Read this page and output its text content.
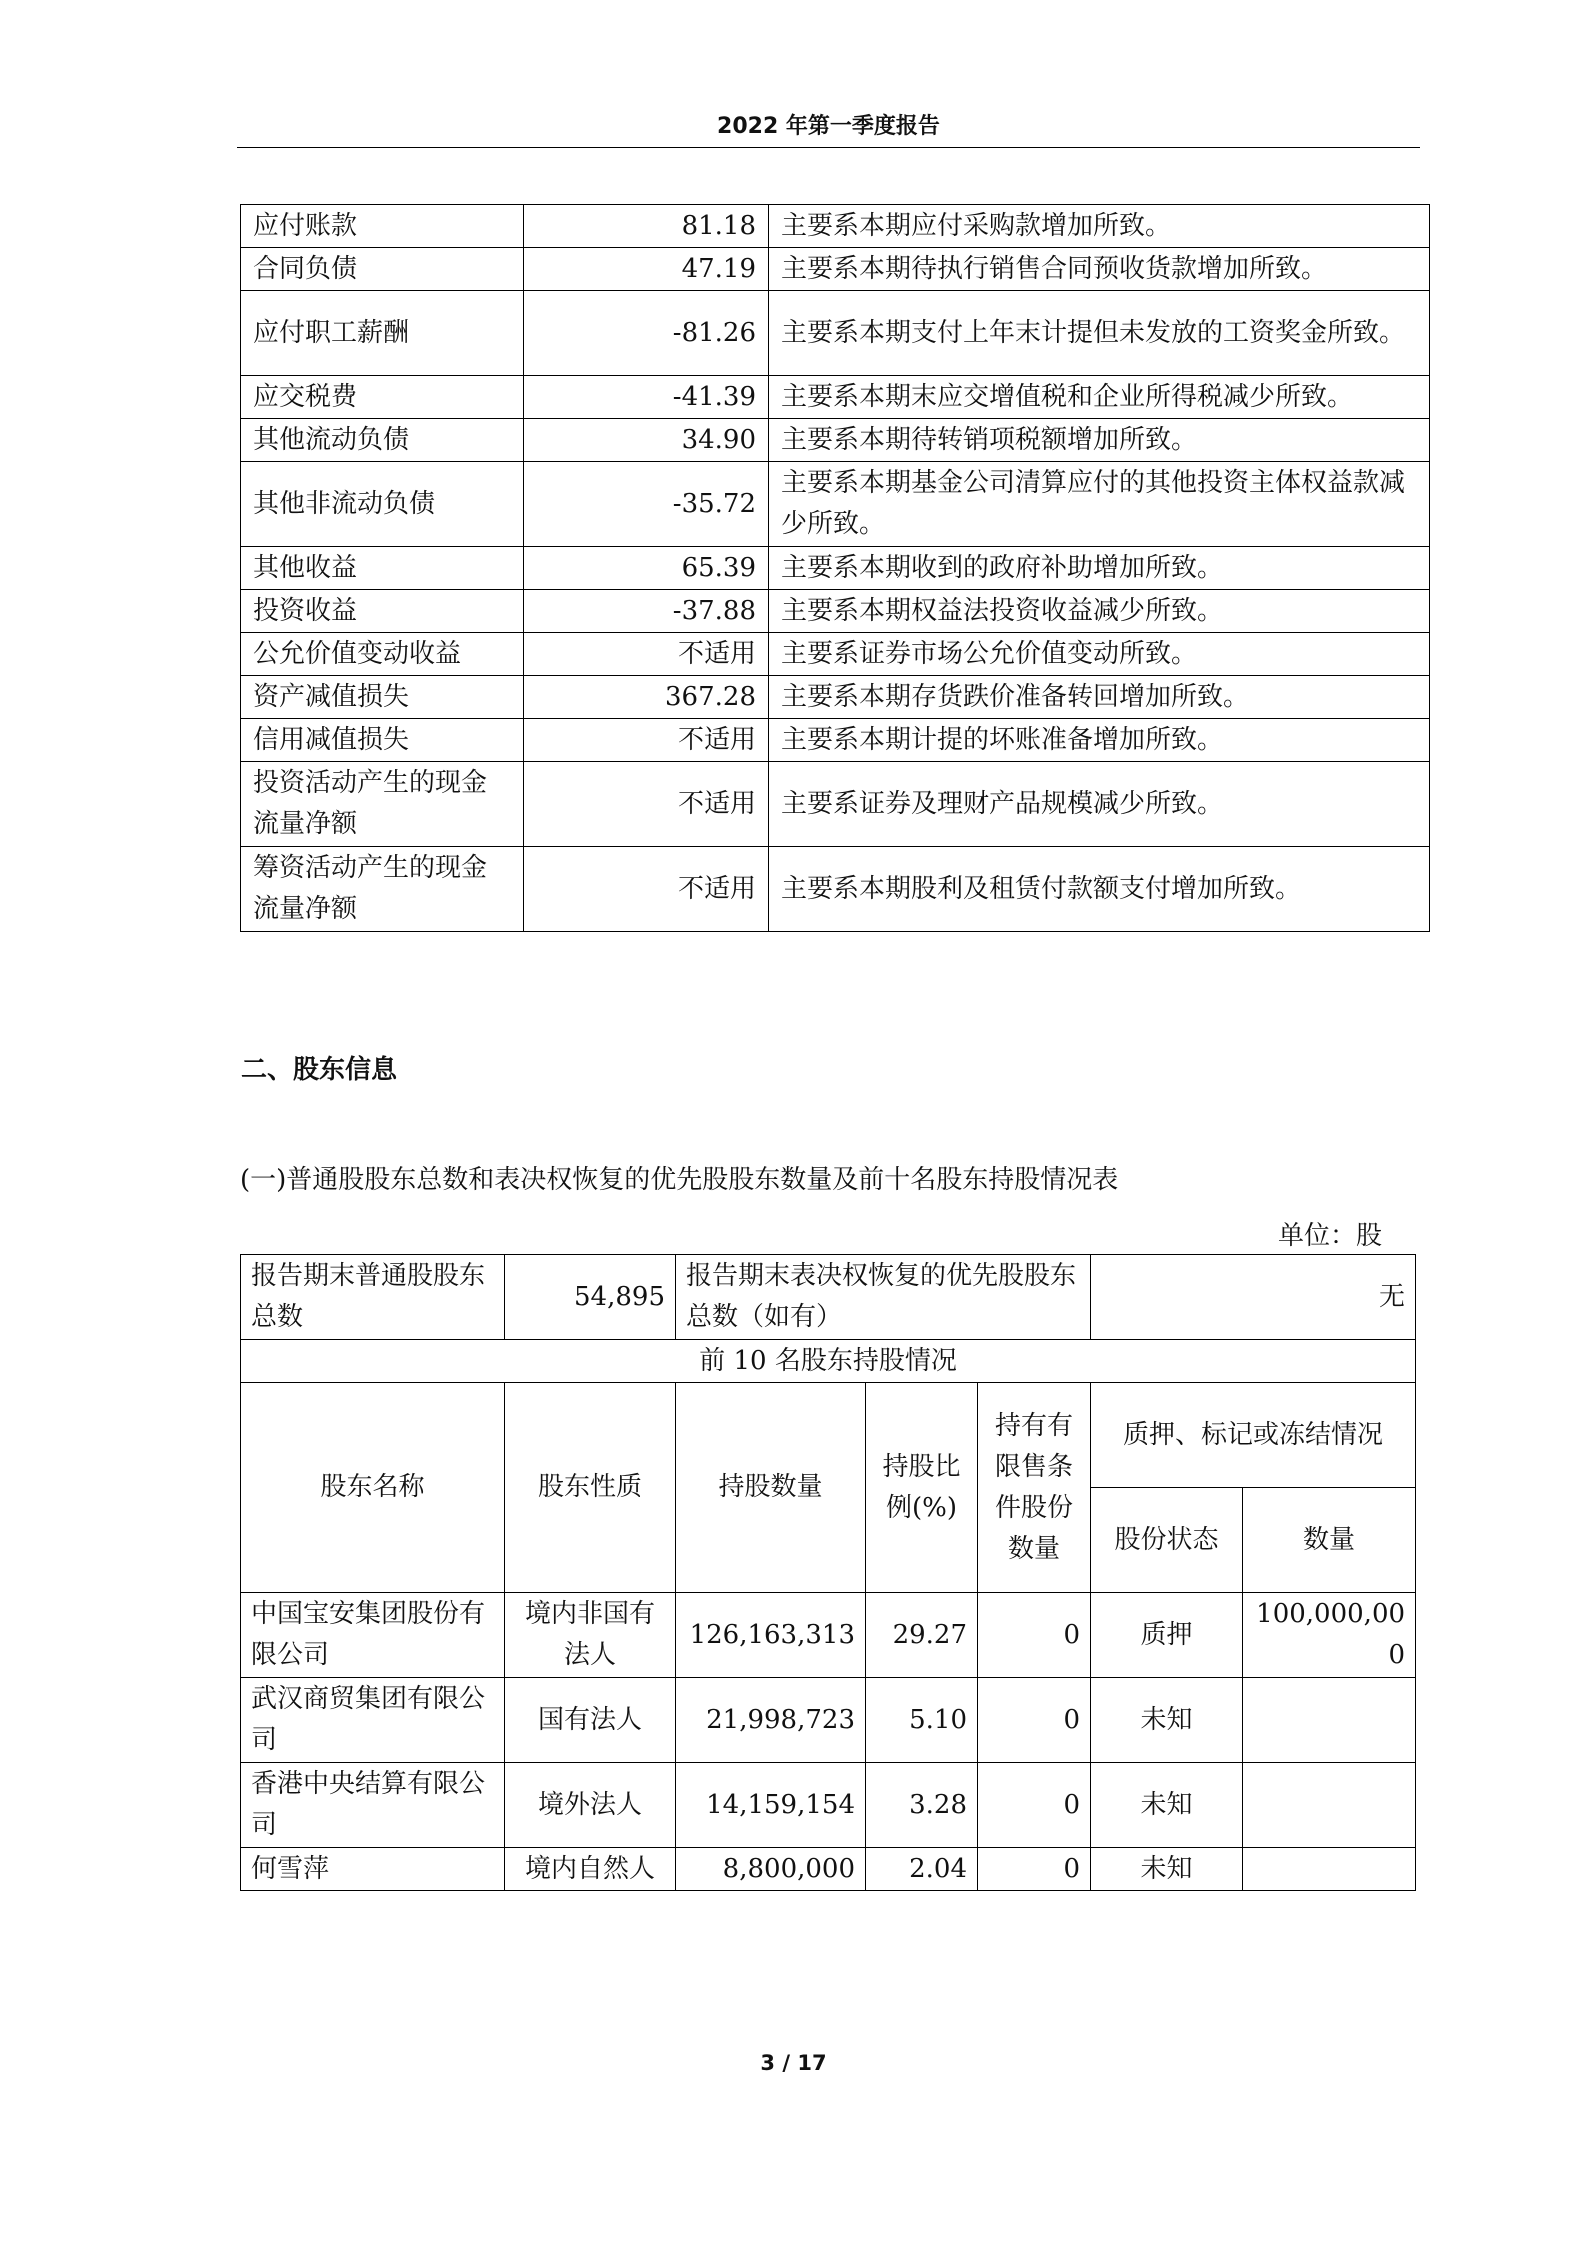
2022 年第一季度报告
应付账款	81.18	主要系本期应付采购款增加所致。
合同负债	47.19	主要系本期待执行销售合同预收货款增加所致。
应付职工薪酬	-81.26	主要系本期支付上年末计提但未发放的工资奖金所致。
应交税费	-41.39	主要系本期末应交增值税和企业所得税减少所致。
其他流动负债	34.90	主要系本期待转销项税额增加所致。
其他非流动负债	-35.72	主要系本期基金公司清算应付的其他投资主体权益款减少所致。
其他收益	65.39	主要系本期收到的政府补助增加所致。
投资收益	-37.88	主要系本期权益法投资收益减少所致。
公允价值变动收益	不适用	主要系证券市场公允价值变动所致。
资产减值损失	367.28	主要系本期存货跌价准备转回增加所致。
信用减值损失	不适用	主要系本期计提的坏账准备增加所致。
投资活动产生的现金流量净额	不适用	主要系证券及理财产品规模减少所致。
筹资活动产生的现金流量净额	不适用	主要系本期股利及租赁付款额支付增加所致。
二、股东信息
(一)普通股股东总数和表决权恢复的优先股股东数量及前十名股东持股情况表
单位：股
报告期末普通股股东总数	54,895	报告期末表决权恢复的优先股股东总数（如有）			无	
前 10 名股东持股情况						
股东名称	股东性质	持股数量	持股比例(%)	持有有限售条件股份数量	质押、标记或冻结情况	
					股份状态	数量
中国宝安集团股份有限公司	境内非国有法人	126,163,313	29.27	0	质押	100,000,000
武汉商贸集团有限公司	国有法人	21,998,723	5.10	0	未知	
香港中央结算有限公司	境外法人	14,159,154	3.28	0	未知	
何雪萍	境内自然人	8,800,000	2.04	0	未知	
3 / 17
